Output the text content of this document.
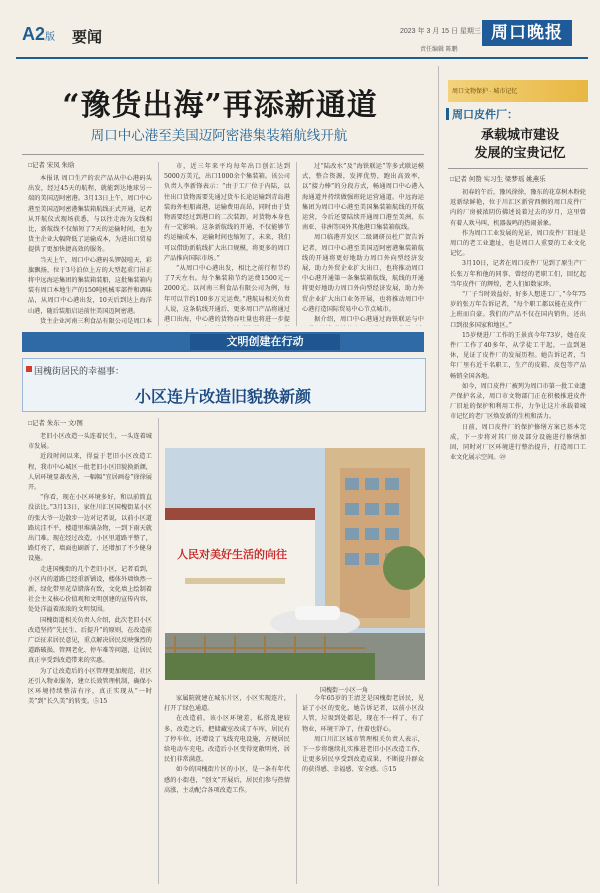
A2版 要闻	2023 年 3 月 15 日 星期三
责任编辑 陈鹏
周口晚报
“豫货出海”再添新通道
周口中心港至美国迈阿密港集装箱航线开航
□记者 宋凤 朱晗

本报讯 周口生产的农产品从中心港码头出发，经过45天的航程，就能到达地球另一端的美国迈阿密港。3月13日上午，周口中心港至美国迈阿密港集装箱航线正式开通，记者从开航仪式现场获悉，与以往走海为支线相比，新航线不仅缩短了7天的运输时间，也为货主企业大幅降低了运输成本，为进出口贸易提供了更加快捷高效的服务。

当天上午，周口中心港码头锣鼓喧天，彩旗飘扬，位于3号泊位上方的大型起重门吊正将中远海运集团的集装箱装船，这批集装箱内装有周口本地生产的150吨机械零部件和调味品，从周口中心港出发，10天后到达上海洋山港，随后装船启运前往美国迈阿密港。

货主企业河南三利食品有限公司是周口本

市，近三年来平均每年出口创汇达到5000万美元，出口1000余个集装箱。该公司负责人李新锋表示：“由于工厂位于内陆，以往出口货物需要先通过货车长途运输到青岛港装海外柜船离港，运输费用高昂，同时由于货物需要经过到港口的二次装卸，对货物本身也有一定影响。这条新航线的开通，不仅能够节约运输成本，运输时间也缩短了，未来，我们可以借助新航线扩大出口规模，将更多的周口产品推向国际市场。”

“从周口中心港出发，相比之前行程节约了7天左右。每个集装箱节约运费1500元～2000元。以河南三利食品有限公司为例，每年可以节约100多万元运费。”港航局相关负责人说，这条航线开通后，更多周口产品将通过港口出海，中心港的货物吞吐量也将进一步提

过“陆改水”及“海铁联运”等多式联运模式，整合资源，发挥优势，跑出高效率，以“接力棒”的分段方式，畅通周口中心港入海通道并持续做强班轮运营通道。中远海运集团为周口中心港至美国集装箱航线的开航运营，今后还要陆续开通周口港至美洲、东南亚、非洲等国外其他港口集装箱航线。

周口临港开发区二级调研员杜广贺告诉记者，周口中心港至美国迈阿密港集装箱航线的开通将更好地助力周口外向型经济发展，助力外贸企业扩大出口，也将推动周口中心港开通第一条集装箱航线，航线的开通将更好地助力周口外向型经济发展，助力外贸企业扩大出口业务开展，也将推动周口中心港打造国际贸易中心节点城市。

据介绍，周口中心港通过海铁联运与中

周口文物保护 · 城市记忆
周口皮件厂：
承载城市建设
发展的宝贵记忆
□记者 何赞 实习生 梁梦瑶 姚燕乐

初春的午后，豫风徐徐，豫东的花草树木粉轮返新绿鲜艳，位于川汇区新营西侧的周口皮件厂内的厂房被浓阴仿佛述说着过去的岁月，这里曾有着人欢马叫，机器轰鸣的热闹景象。

作为周口工业发展的见证，周口皮件厂旧址是周口的老工业遗址，也是周口人重要的工业文化记忆。

3月10日，记者在周口皮件厂见到了原生产厂长张万年和他的同事、曾经的老职工们，回忆起当年皮件厂的辉煌，老人们如数家珍。

“厂子当时效益好，好多人想进工厂，”今年75岁的张万年告诉记者，“每个职工都以能在皮件厂上班而自豪。我们的产品不仅在国内销售，还出口到很多国家和地区。”

15岁便进厂工作的王景真今年73岁，她在皮件厂工作了40多年，从学徒工干起，一直到退休，见证了皮件厂的发展历程。她告诉记者，当年厂里有近千名职工，生产的皮鞋、皮包等产品畅销全国各地。

如今，周口皮件厂被列为周口市第一批工业遗产保护名录，周口市文物部门正在积极推进皮件厂旧址的保护和利用工作，力争让这片承载着城市记忆的老厂区焕发新的生机和活力。

日前，周口皮件厂的保护修缮方案已基本完成，下一步将对其厂房及部分设施进行修缮加固，同时对厂区环境进行整治提升，打造周口工业文化展示空间。㉙

文明创建在行动
国槐街居民的幸福事：
小区连片改造旧貌换新颜
□记者 朱东一 文/图

老旧小区改造一头连着民生，一头连着城市发展。

近段时间以来，得益于老旧小区改造工程，我市中心城区一批老旧小区旧貌换新颜，人居环境显著改善，一幅幅“宜居画卷”徐徐展开。

“你看，现在小区环境多好，和以前简直没法比。”3月13日，家住川汇区国槐街某小区的张大爷一边散步一边对记者说，以前小区道路坑洼不平，楼道里堆满杂物，一到下雨天就出门难。现在经过改造，小区里道路平整了，路灯亮了，墙面也刷新了，还增加了不少健身设施。

走进国槐街的几个老旧小区，记者看到，小区内的道路已经重新铺设，楼体外墙焕然一新，绿化带里花草错落有致，文化墙上绘制着社会主义核心价值观和文明创建的宣传内容，处处洋溢着浓浓的文明氛围。

国槐街道相关负责人介绍，此次老旧小区改造坚持“先民生、后提升”的原则，在改造前广泛征求居民意见，重点解决居民反映强烈的道路破损、管网老化、停车难等问题，让居民真正享受到改造带来的实惠。

为了让改造后的小区管理更加规范，社区还引入物业服务，建立长效管理机制，确保小区环境持续整洁有序，真正实现从“一时美”到“长久美”的转变。⑤15

人民对美好生活的向往
国槐街一小区一角

家属院就建在城东片区，小区实现连片，打开了绿色通道。

在改造前，该小区环境差，私搭乱建较多，改造之后，把储藏室改成了车库，居民有了停车位，还增设了飞线充电设施，方便居民给电动车充电。改造后小区变得宽敞明亮，居民们非常满意。

如今的国槐街片区的小区，是一条有年代感的小街巷，“创文”开展后，居民们参与热情高涨，主动配合各项改造工作。

今年65岁的王清芝是国槐街老居民，见证了小区的变化。她告诉记者，以前小区没人管，垃圾到处都是，现在不一样了，有了物业，环境干净了，住着也舒心。

周口川汇区城市管理相关负责人表示，下一步将继续扎实推进老旧小区改造工作，让更多居民享受到改造成果，不断提升群众的获得感、幸福感、安全感。⑤15
